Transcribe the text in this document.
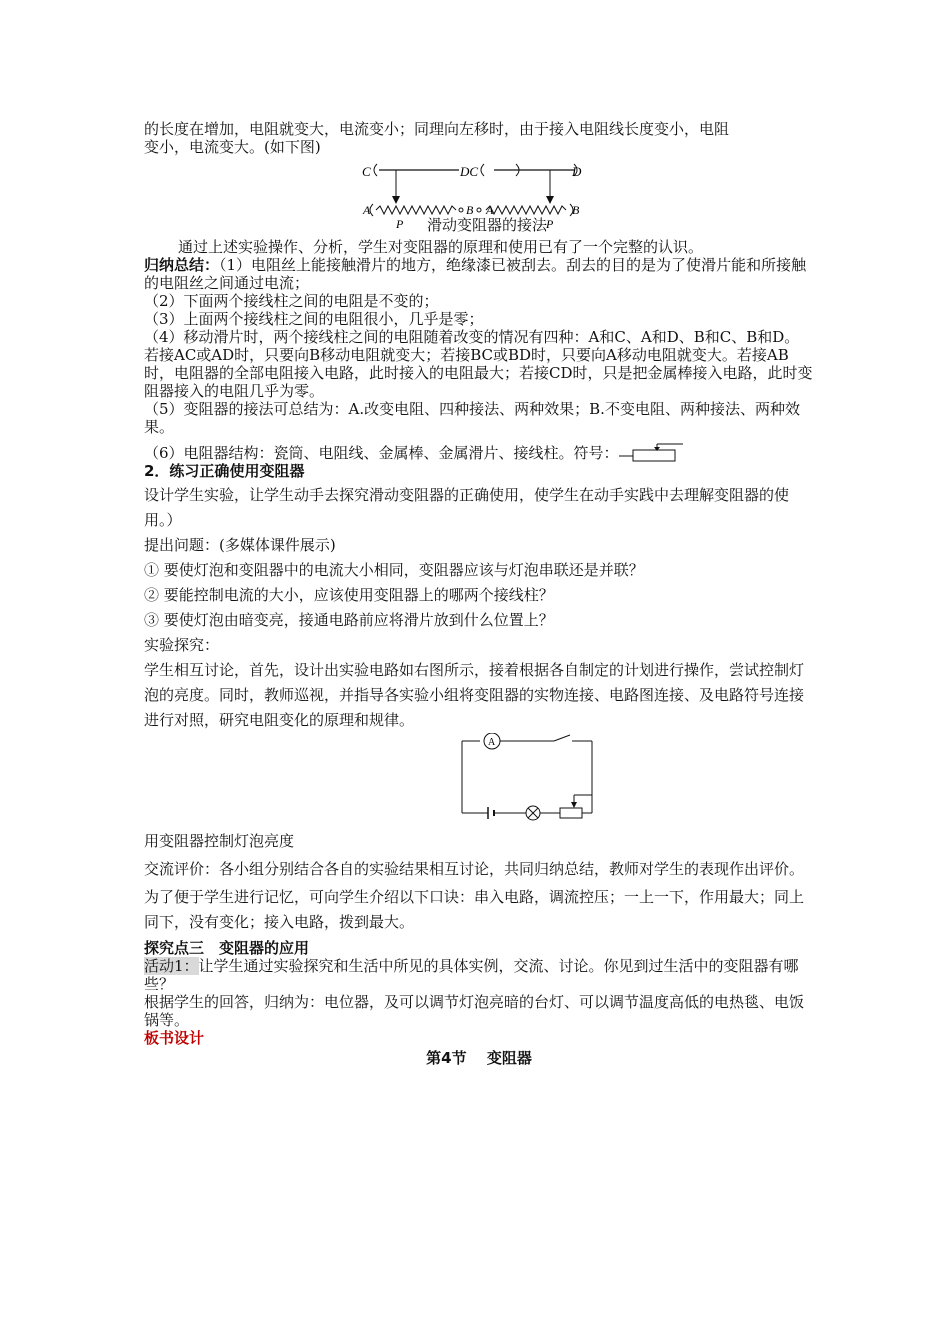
的长度在增加，电阻就变大，电流变小；同理向左移时，由于接入电阻线长度变小，电阻

变小，电流变大。(如下图)

C	DC	D
A	B A	B
P	P
滑动变阻器的接法

通过上述实验操作、分析，学生对变阻器的原理和使用已有了一个完整的认识。

归纳总结：（1）电阻丝上能接触滑片的地方，绝缘漆已被刮去。刮去的目的是为了使滑片能和所接触的电阻丝之间通过电流；

（2）下面两个接线柱之间的电阻是不变的；

（3）上面两个接线柱之间的电阻很小，几乎是零；

（4）移动滑片时，两个接线柱之间的电阻随着改变的情况有四种：A和C、A和D、B和C、B和D。若接AC或AD时，只要向B移动电阻就变大；若接BC或BD时，只要向A移动电阻就变大。若接AB时，电阻器的全部电阻接入电路，此时接入的电阻最大；若接CD时，只是把金属棒接入电路，此时变阻器接入的电阻几乎为零。

（5）变阻器的接法可总结为：A.改变电阻、四种接法、两种效果；B.不变电阻、两种接法、两种效果。

（6）电阻器结构：瓷筒、电阻线、金属棒、金属滑片、接线柱。符号：

2．练习正确使用变阻器

设计学生实验，让学生动手去探究滑动变阻器的正确使用，使学生在动手实践中去理解变阻器的使用。）

提出问题：(多媒体课件展示)

① 要使灯泡和变阻器中的电流大小相同，变阻器应该与灯泡串联还是并联？

② 要能控制电流的大小，应该使用变阻器上的哪两个接线柱？

③ 要使灯泡由暗变亮，接通电路前应将滑片放到什么位置上？

实验探究：

学生相互讨论，首先，设计出实验电路如右图所示，接着根据各自制定的计划进行操作，尝试控制灯泡的亮度。同时，教师巡视，并指导各实验小组将变阻器的实物连接、电路图连接、及电路符号连接进行对照，研究电阻变化的原理和规律。

A

用变阻器控制灯泡亮度

交流评价：各小组分别结合各自的实验结果相互讨论，共同归纳总结，教师对学生的表现作出评价。

为了便于学生进行记忆，可向学生介绍以下口诀：串入电路，调流控压；一上一下，作用最大；同上同下，没有变化；接入电路，拨到最大。

探究点三　变阻器的应用

活动1：让学生通过实验探究和生活中所见的具体实例，交流、讨论。你见到过生活中的变阻器有哪些？

根据学生的回答，归纳为：电位器，及可以调节灯泡亮暗的台灯、可以调节温度高低的电热毯、电饭锅等。

板书设计

第4节　 变阻器
